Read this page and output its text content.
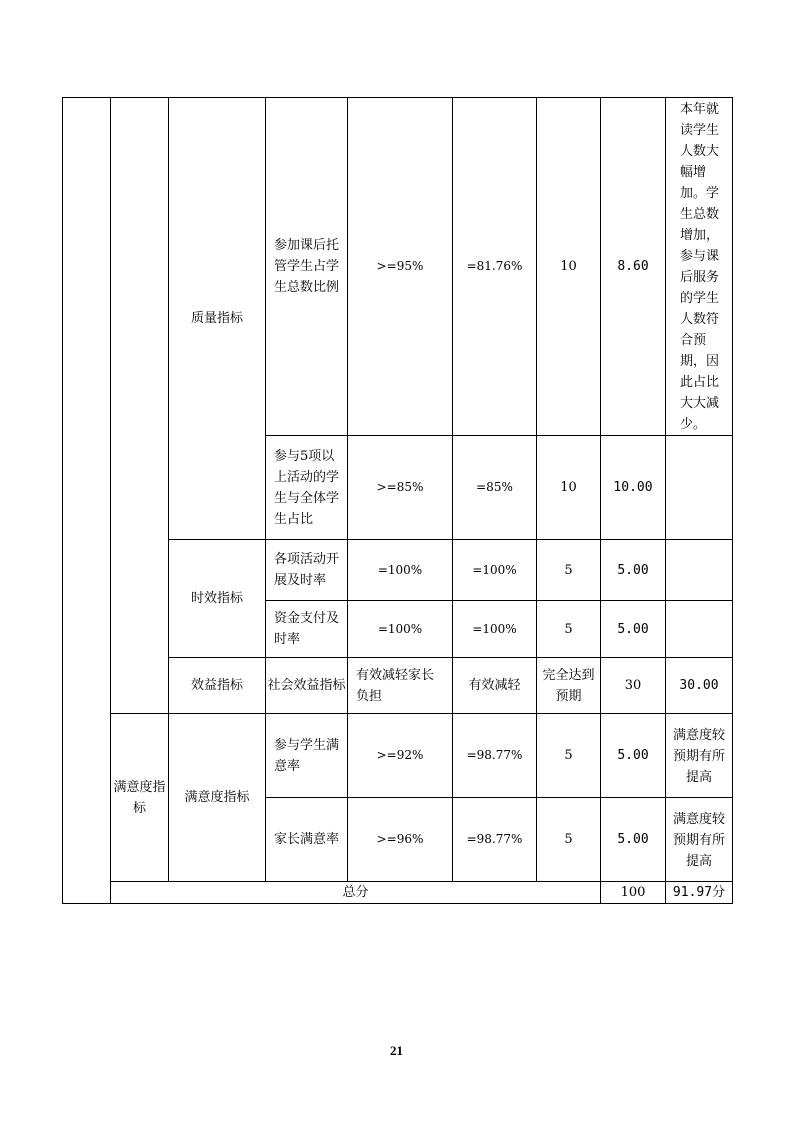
		质量指标	参加课后托管学生占学生总数比例	>=95%	=81.76%	10	8.60	本年就读学生人数大幅增加。学生总数增加，参与课后服务的学生人数符合预期，因此占比大大减少。	
			参与5项以上活动的学生与全体学生占比	>=85%	=85%	10	10.00		
		时效指标	各项活动开展及时率	=100%	=100%	5	5.00		
			资金支付及时率	=100%	=100%	5	5.00		
		效益指标	社会效益指标	有效减轻家长负担	有效减轻	完全达到预期	30	30.00	
	满意度指标	满意度指标	参与学生满意率	>=92%	=98.77%	5	5.00	满意度较预期有所提高	
			家长满意率	>=96%	=98.77%	5	5.00	满意度较预期有所提高	
	总分						100	91.97分	
21
